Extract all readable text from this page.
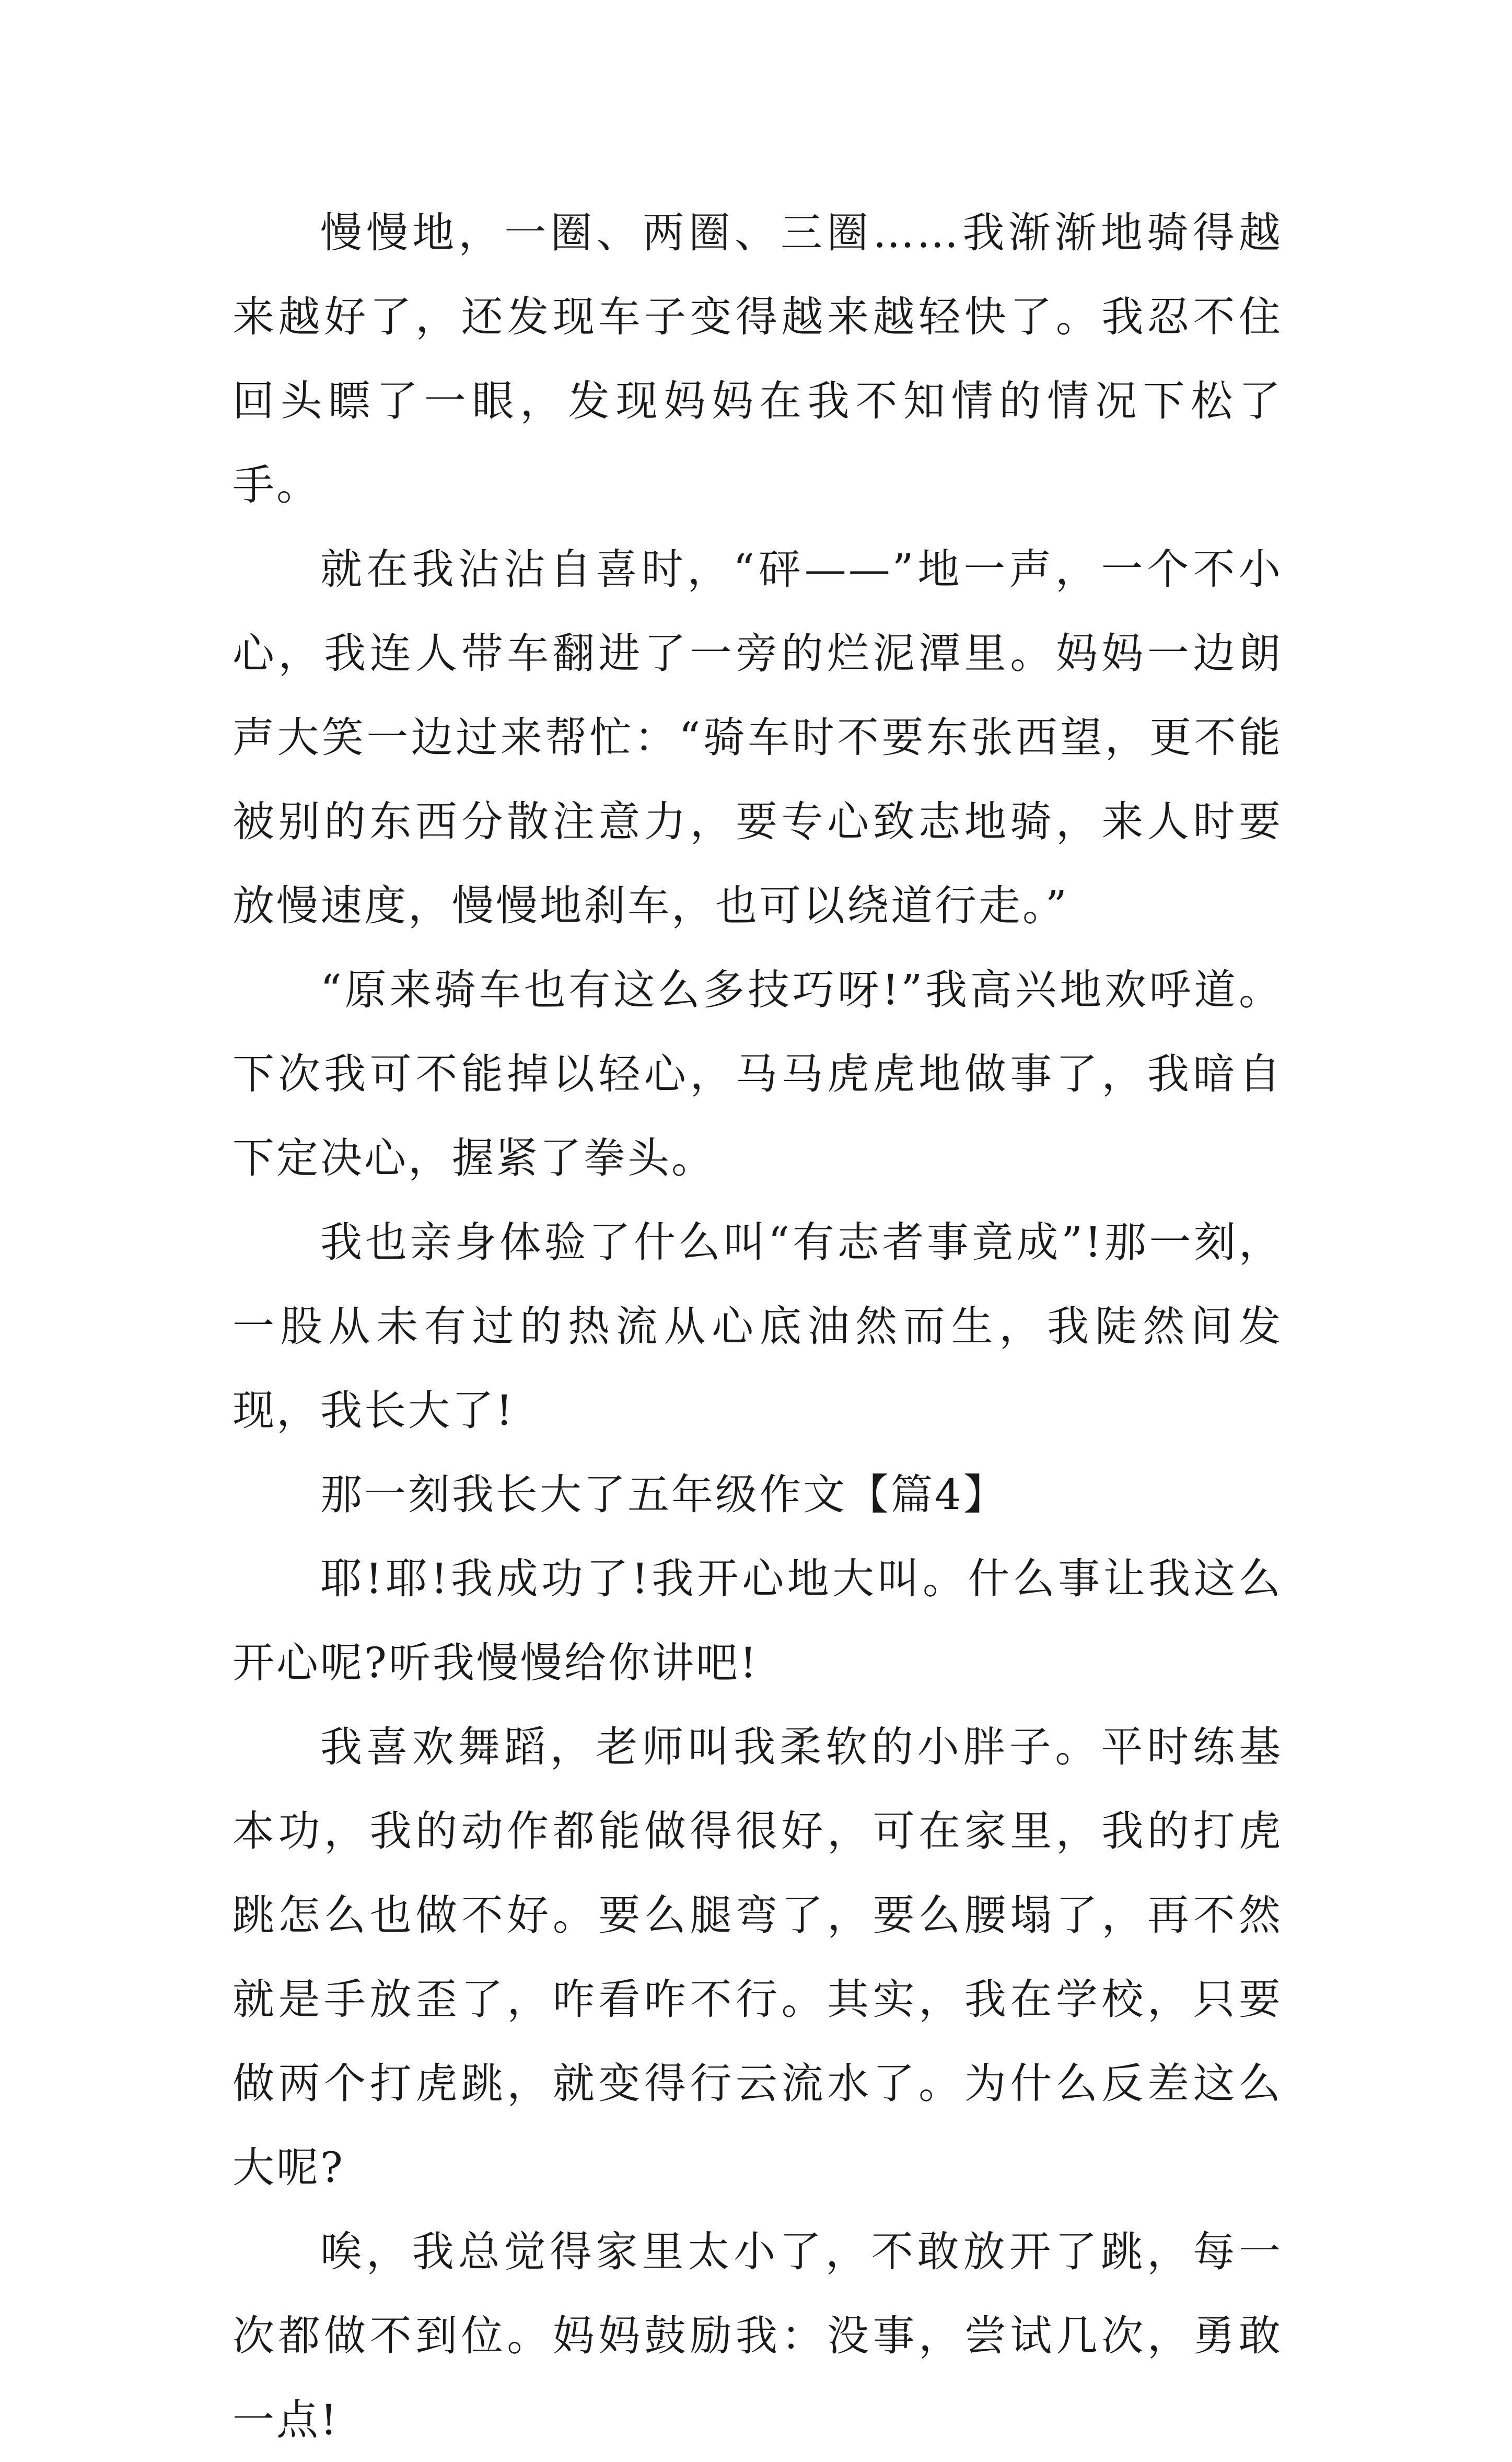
慢慢地，一圈、两圈、三圈……我渐渐地骑得越来越好了，还发现车子变得越来越轻快了。我忍不住回头瞟了一眼，发现妈妈在我不知情的情况下松了手。

就在我沾沾自喜时，“砰——”地一声，一个不小心，我连人带车翻进了一旁的烂泥潭里。妈妈一边朗声大笑一边过来帮忙：“骑车时不要东张西望，更不能被别的东西分散注意力，要专心致志地骑，来人时要放慢速度，慢慢地刹车，也可以绕道行走。”

“原来骑车也有这么多技巧呀!”我高兴地欢呼道。下次我可不能掉以轻心，马马虎虎地做事了，我暗自下定决心，握紧了拳头。

我也亲身体验了什么叫“有志者事竟成”!那一刻，一股从未有过的热流从心底油然而生，我陡然间发现，我长大了!

那一刻我长大了五年级作文【篇4】

耶!耶!我成功了!我开心地大叫。什么事让我这么开心呢?听我慢慢给你讲吧!

我喜欢舞蹈，老师叫我柔软的小胖子。平时练基本功，我的动作都能做得很好，可在家里，我的打虎跳怎么也做不好。要么腿弯了，要么腰塌了，再不然就是手放歪了，咋看咋不行。其实，我在学校，只要做两个打虎跳，就变得行云流水了。为什么反差这么大呢?

唉，我总觉得家里太小了，不敢放开了跳，每一次都做不到位。妈妈鼓励我：没事，尝试几次，勇敢一点!
